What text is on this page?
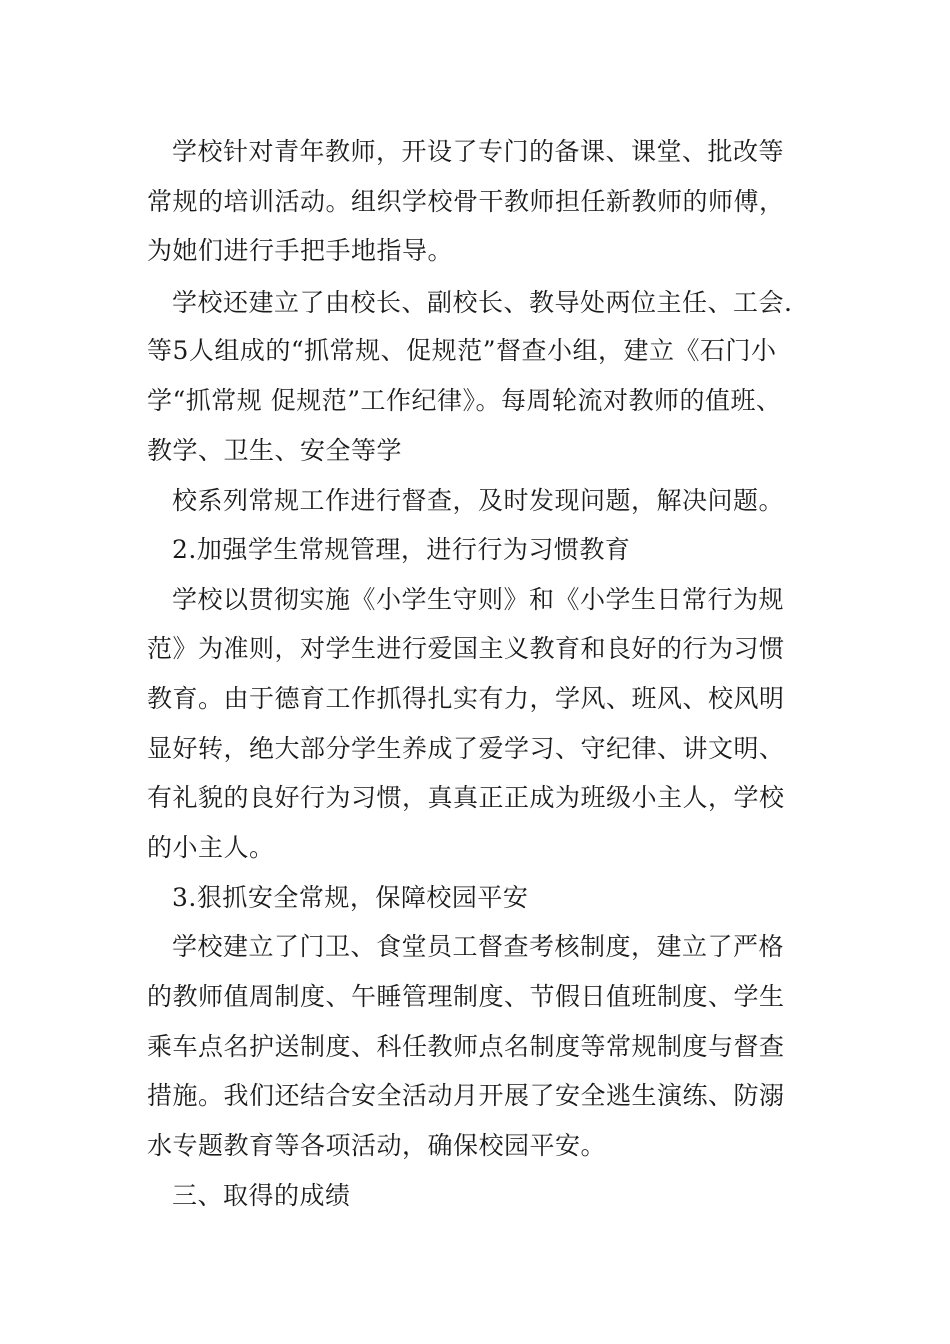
学校针对青年教师，开设了专门的备课、课堂、批改等
常规的培训活动。组织学校骨干教师担任新教师的师傅，
为她们进行手把手地指导。
学校还建立了由校长、副校长、教导处两位主任、工会.
等5人组成的“抓常规、促规范”督查小组，建立《石门小
学“抓常规 促规范”工作纪律》。每周轮流对教师的值班、
教学、卫生、安全等学
校系列常规工作进行督查，及时发现问题，解决问题。
2.加强学生常规管理，进行行为习惯教育
学校以贯彻实施《小学生守则》和《小学生日常行为规
范》为准则，对学生进行爱国主义教育和良好的行为习惯
教育。由于德育工作抓得扎实有力，学风、班风、校风明
显好转，绝大部分学生养成了爱学习、守纪律、讲文明、
有礼貌的良好行为习惯，真真正正成为班级小主人，学校
的小主人。
3.狠抓安全常规，保障校园平安
学校建立了门卫、食堂员工督查考核制度，建立了严格
的教师值周制度、午睡管理制度、节假日值班制度、学生
乘车点名护送制度、科任教师点名制度等常规制度与督查
措施。我们还结合安全活动月开展了安全逃生演练、防溺
水专题教育等各项活动，确保校园平安。
三、取得的成绩
